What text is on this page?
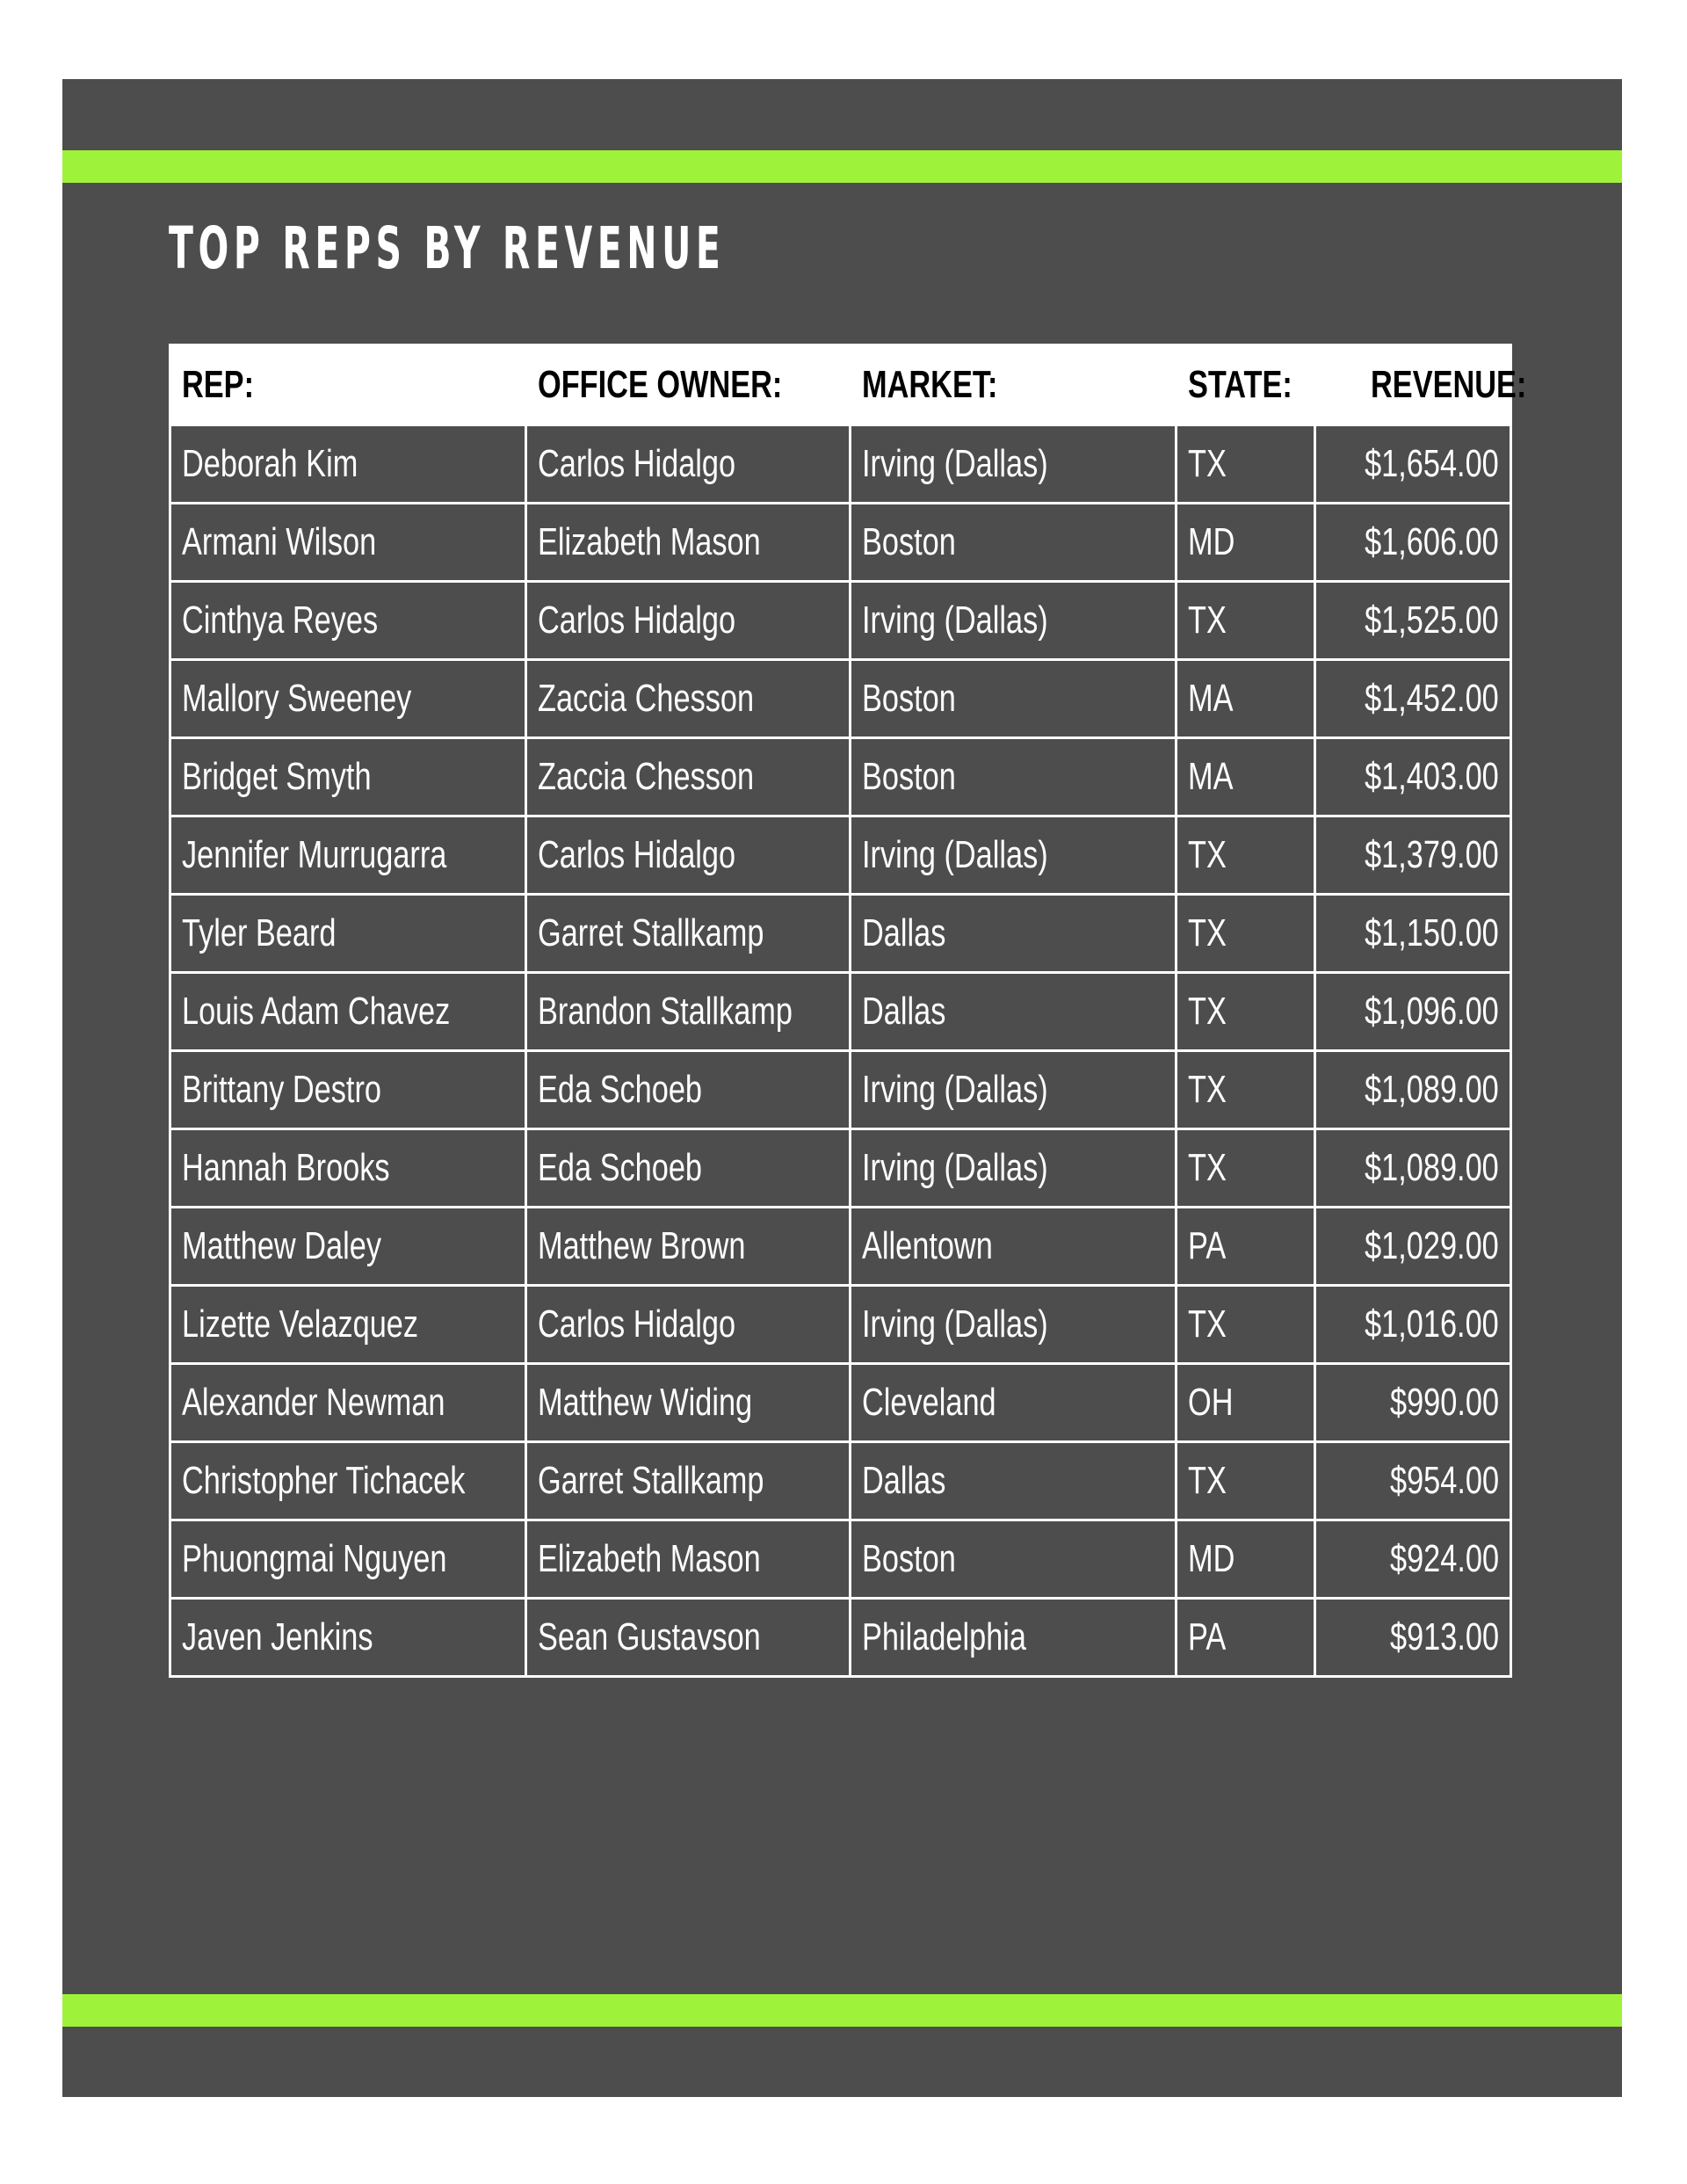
TOP REPS BY REVENUE
REP:	OFFICE OWNER:	MARKET:	STATE:	REVENUE:
Deborah Kim	Carlos Hidalgo	Irving (Dallas)	TX	$1,654.00
Armani Wilson	Elizabeth Mason	Boston	MD	$1,606.00
Cinthya Reyes	Carlos Hidalgo	Irving (Dallas)	TX	$1,525.00
Mallory Sweeney	Zaccia Chesson	Boston	MA	$1,452.00
Bridget Smyth	Zaccia Chesson	Boston	MA	$1,403.00
Jennifer Murrugarra	Carlos Hidalgo	Irving (Dallas)	TX	$1,379.00
Tyler Beard	Garret Stallkamp	Dallas	TX	$1,150.00
Louis Adam Chavez	Brandon Stallkamp	Dallas	TX	$1,096.00
Brittany Destro	Eda Schoeb	Irving (Dallas)	TX	$1,089.00
Hannah Brooks	Eda Schoeb	Irving (Dallas)	TX	$1,089.00
Matthew Daley	Matthew Brown	Allentown	PA	$1,029.00
Lizette Velazquez	Carlos Hidalgo	Irving (Dallas)	TX	$1,016.00
Alexander Newman	Matthew Widing	Cleveland	OH	$990.00
Christopher Tichacek	Garret Stallkamp	Dallas	TX	$954.00
Phuongmai Nguyen	Elizabeth Mason	Boston	MD	$924.00
Javen Jenkins	Sean Gustavson	Philadelphia	PA	$913.00
